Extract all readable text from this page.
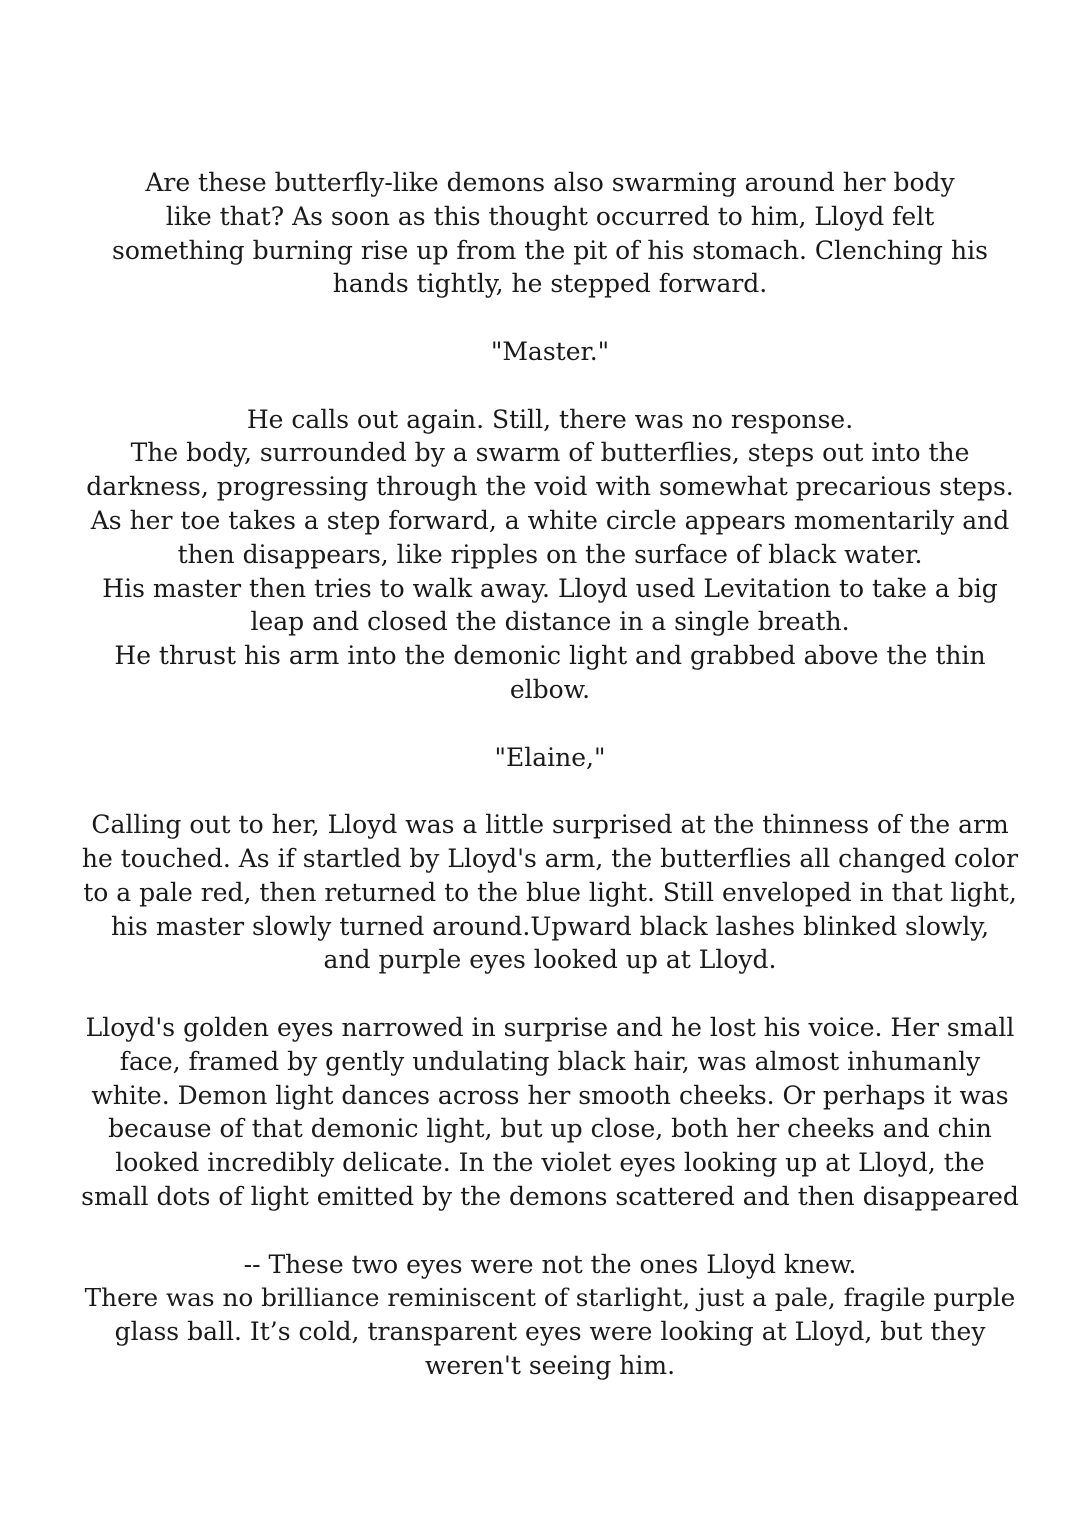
Are these butterfly-like demons also swarming around her body
like that? As soon as this thought occurred to him, Lloyd felt
something burning rise up from the pit of his stomach. Clenching his
hands tightly, he stepped forward.

"Master."

He calls out again. Still, there was no response.
The body, surrounded by a swarm of butterflies, steps out into the
darkness, progressing through the void with somewhat precarious steps.
As her toe takes a step forward, a white circle appears momentarily and
then disappears, like ripples on the surface of black water.
His master then tries to walk away. Lloyd used Levitation to take a big
leap and closed the distance in a single breath.
He thrust his arm into the demonic light and grabbed above the thin
elbow.

"Elaine,"

Calling out to her, Lloyd was a little surprised at the thinness of the arm
he touched. As if startled by Lloyd's arm, the butterflies all changed color
to a pale red, then returned to the blue light. Still enveloped in that light,
his master slowly turned around.Upward black lashes blinked slowly,
and purple eyes looked up at Lloyd.

Lloyd's golden eyes narrowed in surprise and he lost his voice. Her small
face, framed by gently undulating black hair, was almost inhumanly
white. Demon light dances across her smooth cheeks. Or perhaps it was
because of that demonic light, but up close, both her cheeks and chin
looked incredibly delicate. In the violet eyes looking up at Lloyd, the
small dots of light emitted by the demons scattered and then disappeared

-- These two eyes were not the ones Lloyd knew.
There was no brilliance reminiscent of starlight, just a pale, fragile purple
glass ball. It’s cold, transparent eyes were looking at Lloyd, but they
weren't seeing him.
